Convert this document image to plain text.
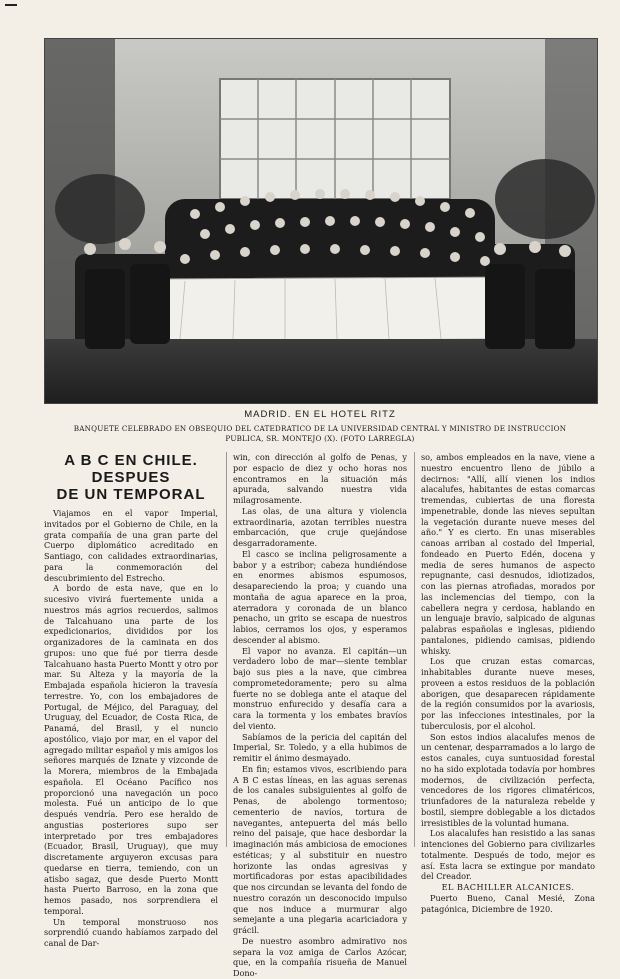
MADRID. EN EL HOTEL RITZ
BANQUETE CELEBRADO EN OBSEQUIO DEL CATEDRATICO DE LA UNIVERSIDAD CENTRAL Y MINISTRO DE INSTRUCCION PUBLICA, SR. MONTEJO (X). (FOTO LARREGLA)
A B C EN CHILE.
DESPUES
DE UN TEMPORAL

Viajamos en el vapor Imperial, invitados por el Gobierno de Chile, en la grata compañía de una gran parte del Cuerpo diplomático acreditado en Santiago, con calidades extraordinarias, para la conmemoración del descubrimiento del Estrecho.

A bordo de esta nave, que en lo sucesivo vivirá fuertemente unida a nuestros más agrios recuerdos, salimos de Talcahuano una parte de los expedicionarios, divididos por los organizadores de la caminata en dos grupos: uno que fué por tierra desde Talcahuano hasta Puerto Montt y otro por mar. Su Alteza y la mayoría de la Embajada española hicieron la travesía terrestre. Yo, con los embajadores de Portugal, de Méjico, del Paraguay, del Uruguay, del Ecuador, de Costa Rica, de Panamá, del Brasil, y el nuncio apostólico, viajo por mar, en el vapor del agregado militar español y mis amigos los señores marqués de Iznate y vizconde de la Morera, miembros de la Embajada española. El Océano Pacífico nos proporcionó una navegación un poco molesta. Fué un anticipo de lo que después vendría. Pero ese heraldo de angustias posteriores supo ser interpretado por tres embajadores (Ecuador, Brasil, Uruguay), que muy discretamente arguyeron excusas para quedarse en tierra, temiendo, con un atisbo sagaz, que desde Puerto Montt hasta Puerto Barroso, en la zona que hemos pasado, nos sorprendiera el temporal.

Un temporal monstruoso nos sorprendió cuando habíamos zarpado del canal de Dar-

win, con dirección al golfo de Penas, y por espacio de diez y ocho horas nos encontramos en la situación más apurada, salvando nuestra vida milagrosamente.

Las olas, de una altura y violencia extraordinaria, azotan terribles nuestra embarcación, que cruje quejándose desgarradoramente.

El casco se inclina peligrosamente a babor y a estribor; cabeza hundiéndose en enormes abismos espumosos, desapareciendo la proa; y cuando una montaña de agua aparece en la proa, aterradora y coronada de un blanco penacho, un grito se escapa de nuestros labios, cerramos los ojos, y esperamos descender al abismo.

El vapor no avanza. El capitán—un verdadero lobo de mar—siente temblar bajo sus pies a la nave, que cimbrea comprometedoramente; pero su alma fuerte no se doblega ante el ataque del monstruo enfurecido y desafía cara a cara la tormenta y los embates bravíos del viento.

Sabíamos de la pericia del capitán del Imperial, Sr. Toledo, y a ella hubimos de remitir el ánimo desmayado.

En fin; estamos vivos, escribiendo para A B C estas líneas, en las aguas serenas de los canales subsiguientes al golfo de Penas, de abolengo tormentoso; cementerio de navíos, tortura de navegantes, antepuerta del más bello reino del paisaje, que hace desbordar la imaginación más ambiciosa de emociones estéticas; y al substituir en nuestro horizonte las ondas agresivas y mortificadoras por estas apacibilidades que nos circundan se levanta del fondo de nuestro corazón un desconocido impulso que nos induce a murmurar algo semejante a una plegaria acariciadora y grácil.

De nuestro asombro admirativo nos separa la voz amiga de Carlos Azócar, que, en la compañía risueña de Manuel Dono-

so, ambos empleados en la nave, viene a nuestro encuentro lleno de júbilo a decirnos: "Allí, allí vienen los indios alacalufes, habitantes de estas comarcas tremendas, cubiertas de una floresta impenetrable, donde las nieves sepultan la vegetación durante nueve meses del año." Y es cierto. En unas miserables canoas arriban al costado del Imperial, fondeado en Puerto Edén, docena y media de seres humanos de aspecto repugnante, casi desnudos, idiotizados, con las piernas atrofiadas, morados por las inclemencias del tiempo, con la cabellera negra y cerdosa, hablando en un lenguaje bravío, salpicado de algunas palabras españolas e inglesas, pidiendo pantalones, pidiendo camisas, pidiendo whisky.

Los que cruzan estas comarcas, inhabitables durante nueve meses, proveen a estos residuos de la población aborigen, que desaparecen rápidamente de la región consumidos por la avariosis, por las infecciones intestinales, por la tuberculosis, por el alcohol.

Son estos indios alacalufes menos de un centenar, desparramados a lo largo de estos canales, cuya suntuosidad forestal no ha sido explotada todavía por hombres modernos, de civilización perfecta, vencedores de los rigores climatéricos, triunfadores de la naturaleza rebelde y bostil, siempre doblegable a los dictados irresistibles de la voluntad humana.

Los alacalufes han resistido a las sanas intenciones del Gobierno para civilizarles totalmente. Después de todo, mejor es así. Esta lacra se extingue por mandato del Creador.

EL BACHILLER ALCANICES.

Puerto Bueno, Canal Mesié, Zona patagónica, Diciembre de 1920.
